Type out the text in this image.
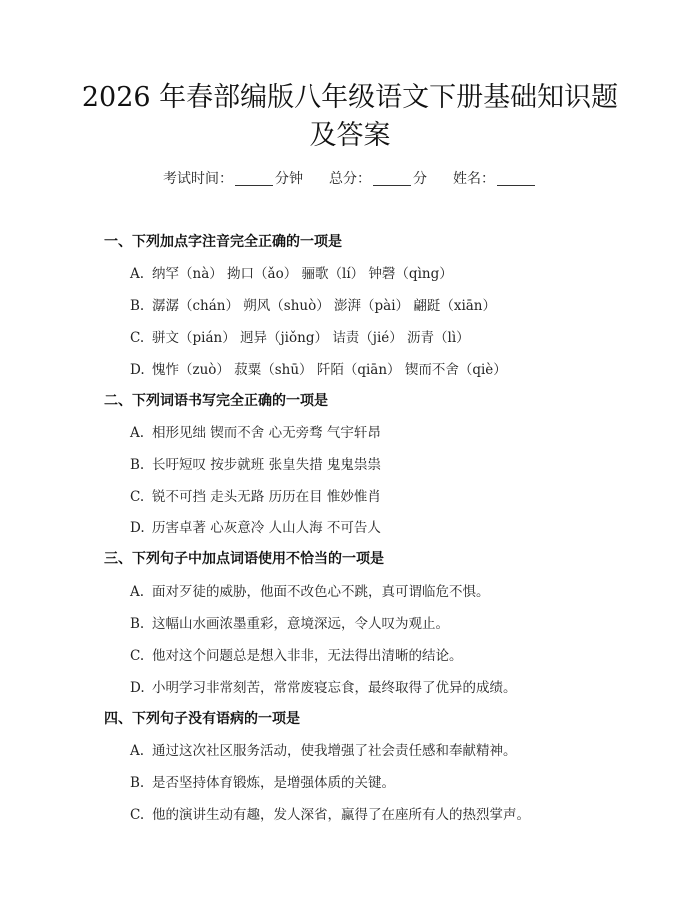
2026 年春部编版八年级语文下册基础知识题
及答案
考试时间：	分钟 总分：	分 姓名：
一、下列加点字注音完全正确的一项是
A. 纳罕（nà） 拗口（ǎo） 骊歌（lí） 钟磬（qìng）
B. 潺潺（chán） 朔风（shuò） 澎湃（pài） 翩跹（xiān）
C. 骈文（pián） 迥异（jiǒng） 诘责（jié） 沥青（lì）
D. 愧怍（zuò） 菽粟（shū） 阡陌（qiān） 锲而不舍（qiè）
二、下列词语书写完全正确的一项是
A. 相形见绌 锲而不舍 心无旁骛 气宇轩昂
B. 长吁短叹 按步就班 张皇失措 鬼鬼祟祟
C. 锐不可挡 走头无路 历历在目 惟妙惟肖
D. 历害卓著 心灰意冷 人山人海 不可告人
三、下列句子中加点词语使用不恰当的一项是
A. 面对歹徒的威胁，他面不改色心不跳，真可谓临危不惧。
B. 这幅山水画浓墨重彩，意境深远，令人叹为观止。
C. 他对这个问题总是想入非非，无法得出清晰的结论。
D. 小明学习非常刻苦，常常废寝忘食，最终取得了优异的成绩。
四、下列句子没有语病的一项是
A. 通过这次社区服务活动，使我增强了社会责任感和奉献精神。
B. 是否坚持体育锻炼，是增强体质的关键。
C. 他的演讲生动有趣，发人深省，赢得了在座所有人的热烈掌声。
